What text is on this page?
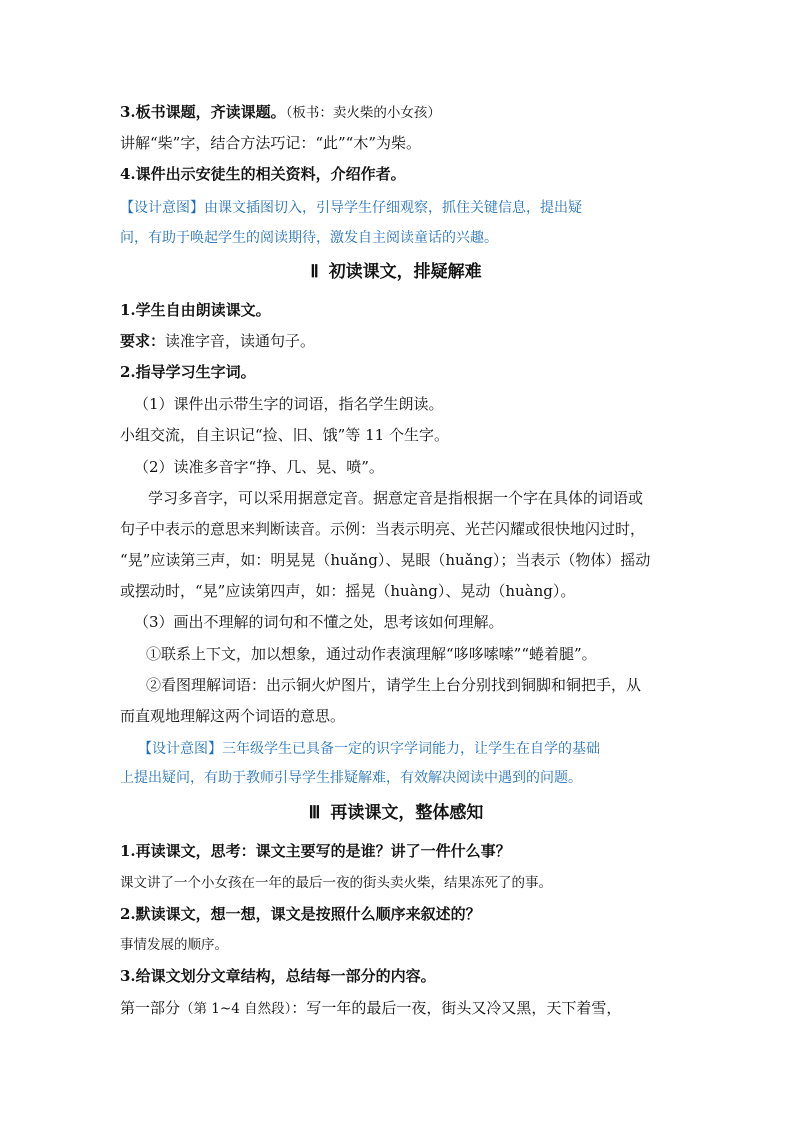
3.板书课题，齐读课题。（板书：卖火柴的小女孩）
讲解“柴”字，结合方法巧记：“此”“木”为柴。
4.课件出示安徒生的相关资料，介绍作者。
【设计意图】由课文插图切入，引导学生仔细观察，抓住关键信息，提出疑
问，有助于唤起学生的阅读期待，激发自主阅读童话的兴趣。
Ⅱ 初读课文，排疑解难
1.学生自由朗读课文。
要求：读准字音，读通句子。
2.指导学习生字词。
（1）课件出示带生字的词语，指名学生朗读。
小组交流，自主识记“捡、旧、饿”等 11 个生字。
（2）读准多音字“挣、几、晃、喷”。
学习多音字，可以采用据意定音。据意定音是指根据一个字在具体的词语或
句子中表示的意思来判断读音。示例：当表示明亮、光芒闪耀或很快地闪过时，
“晃”应读第三声，如：明晃晃（huǎng）、晃眼（huǎng）；当表示（物体）摇动
或摆动时，“晃”应读第四声，如：摇晃（huàng）、晃动（huàng）。
（3）画出不理解的词句和不懂之处，思考该如何理解。
①联系上下文，加以想象，通过动作表演理解“哆哆嗦嗦”“蜷着腿”。
②看图理解词语：出示铜火炉图片，请学生上台分别找到铜脚和铜把手，从
而直观地理解这两个词语的意思。
【设计意图】三年级学生已具备一定的识字学词能力，让学生在自学的基础
上提出疑问，有助于教师引导学生排疑解难，有效解决阅读中遇到的问题。
Ⅲ 再读课文，整体感知
1.再读课文，思考：课文主要写的是谁？讲了一件什么事？
课文讲了一个小女孩在一年的最后一夜的街头卖火柴，结果冻死了的事。
2.默读课文，想一想，课文是按照什么顺序来叙述的？
事情发展的顺序。
3.给课文划分文章结构，总结每一部分的内容。
第一部分（第 1~4 自然段）：写一年的最后一夜，街头又冷又黑，天下着雪，
